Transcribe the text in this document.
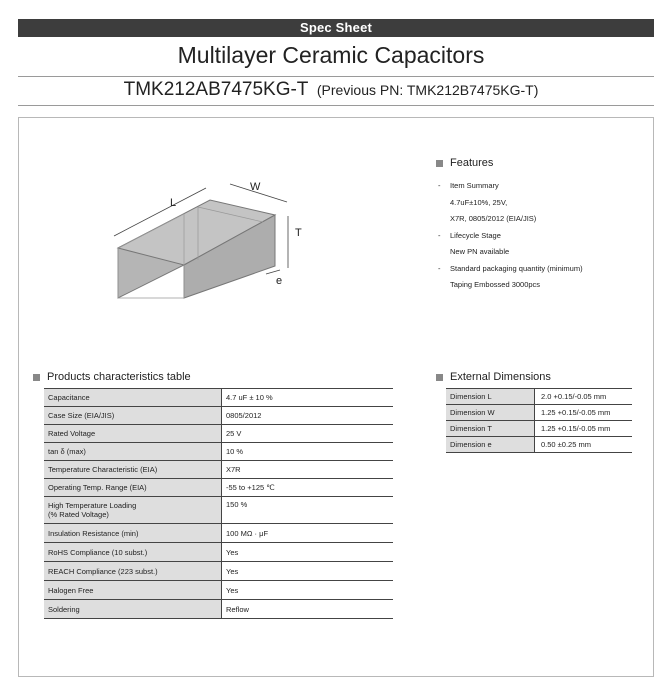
Spec Sheet
Multilayer Ceramic Capacitors
TMK212AB7475KG-T (Previous PN: TMK212B7475KG-T)
L
W
T
e
Features
- Item Summary
4.7uF±10%, 25V,
X7R, 0805/2012 (EIA/JIS)
- Lifecycle Stage
New PN available
- Standard packaging quantity (minimum)
Taping Embossed 3000pcs
Products characteristics table
Capacitance	4.7 uF ± 10 %
Case Size (EIA/JIS)	0805/2012
Rated Voltage	25 V
tan δ (max)	10 %
Temperature Characteristic (EIA)	X7R
Operating Temp. Range (EIA)	-55 to +125 ℃

High Temperature Loading
(% Rated Voltage)	150 %
Insulation Resistance (min)	100 MΩ · μF
RoHS Compliance (10 subst.)	Yes
REACH Compliance (223 subst.)	Yes
Halogen Free	Yes
Soldering	Reflow
External Dimensions
Dimension L	2.0 +0.15/-0.05 mm
Dimension W	1.25 +0.15/-0.05 mm
Dimension T	1.25 +0.15/-0.05 mm
Dimension e	0.50 ±0.25 mm
